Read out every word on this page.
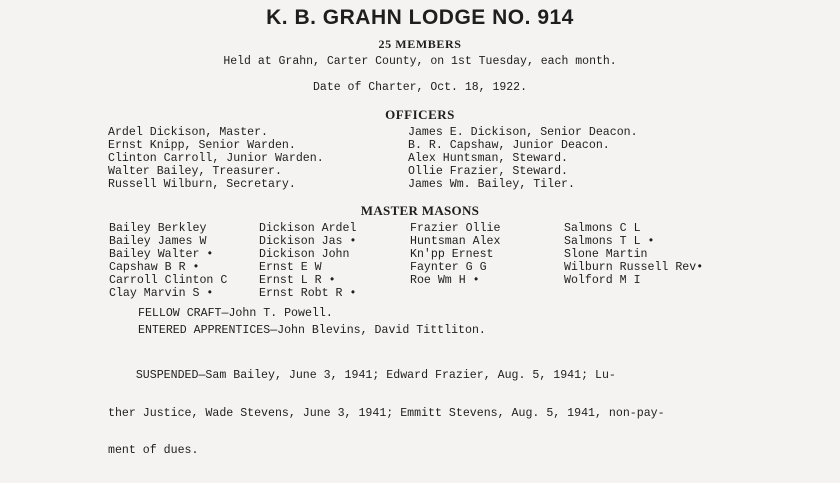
K. B. GRAHN LODGE NO. 914
25 MEMBERS
Held at Grahn, Carter County, on 1st Tuesday, each month.
Date of Charter, Oct. 18, 1922.
OFFICERS
Ardel Dickison, Master.
Ernst Knipp, Senior Warden.
Clinton Carroll, Junior Warden.
Walter Bailey, Treasurer.
Russell Wilburn, Secretary.
James E. Dickison, Senior Deacon.
B. R. Capshaw, Junior Deacon.
Alex Huntsman, Steward.
Ollie Frazier, Steward.
James Wm. Bailey, Tiler.
MASTER MASONS
Bailey Berkley
Bailey James W
Bailey Walter •
Capshaw B R •
Carroll Clinton C
Clay Marvin S •
Dickison Ardel
Dickison Jas •
Dickison John
Ernst E W
Ernst L R •
Ernst Robt R •
Frazier Ollie
Huntsman Alex
Kn'pp Ernest
Faynter G G
Roe Wm H •
Salmons C L
Salmons T L •
Slone Martin
Wilburn Russell Rev•
Wolford M I
FELLOW CRAFT—John T. Powell.
ENTERED APPRENTICES—John Blevins, David Tittliton.

SUSPENDED—Sam Bailey, June 3, 1941; Edward Frazier, Aug. 5, 1941; Lu-

ther Justice, Wade Stevens, June 3, 1941; Emmitt Stevens, Aug. 5, 1941, non-pay-

ment of dues.
